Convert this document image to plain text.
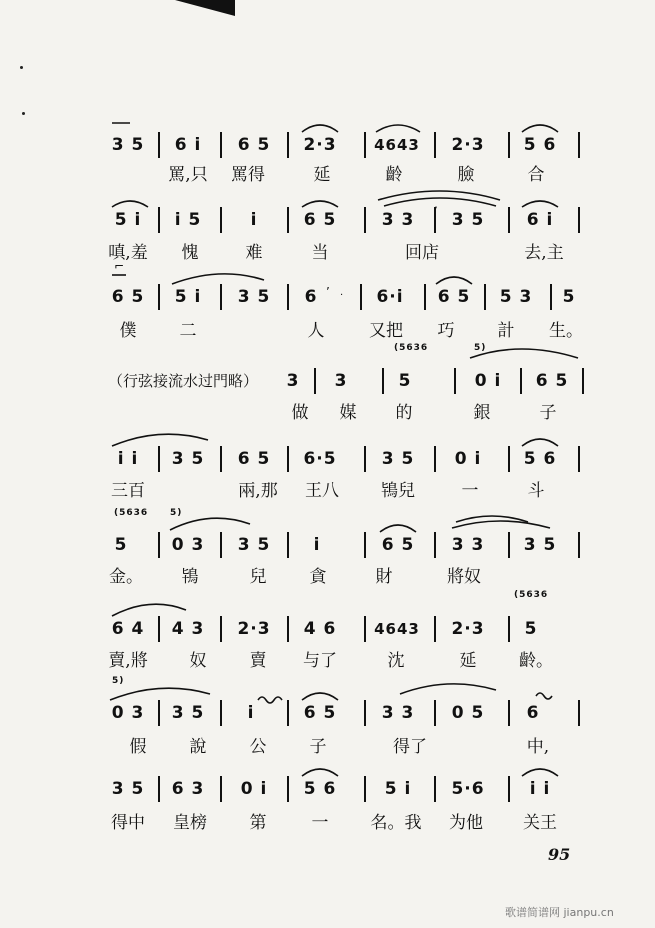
3 5	6 i	6 5	2·3	4643	2·3	5 6
罵,只 罵得	延	齡	臉	合
5 i	i 5	i	6 5	3 3	3 5	6 i
嗔,羞 愧	难	当	回店	去,主
6 5	5 i	3 5	6	6·i	6 5	5 3	5
僕	二	人	又把 巧	計 生。
(5636	5)
（行弦接流水过門略） 3 3	5	0 i	6 5
做 媒 的	銀	子
i i	3 5	6 5	6·5	3 5	0 i	5 6
三百	兩,那 王八 鴇兒	一	斗
(5636 5)
5	0 3	3 5	i	6 5	3 3	3 5
金。 鴇	兒	貪	財	將奴
(5636
6 4 4 3	2·3	4 6	4643	2·3	5
賣,將 奴	賣 与了	沈	延	齡。
5)
0 3 3 5	i	6 5	3 3	0 5	6
假	說	公	子	得了	中,
3 5 6 3	0 i	5 6	5 i	5·6	i i
得中 皇榜	第	一 名。我 为他 关王
’ ·
,
⌐
95
歌谱简谱网 jianpu.cn
